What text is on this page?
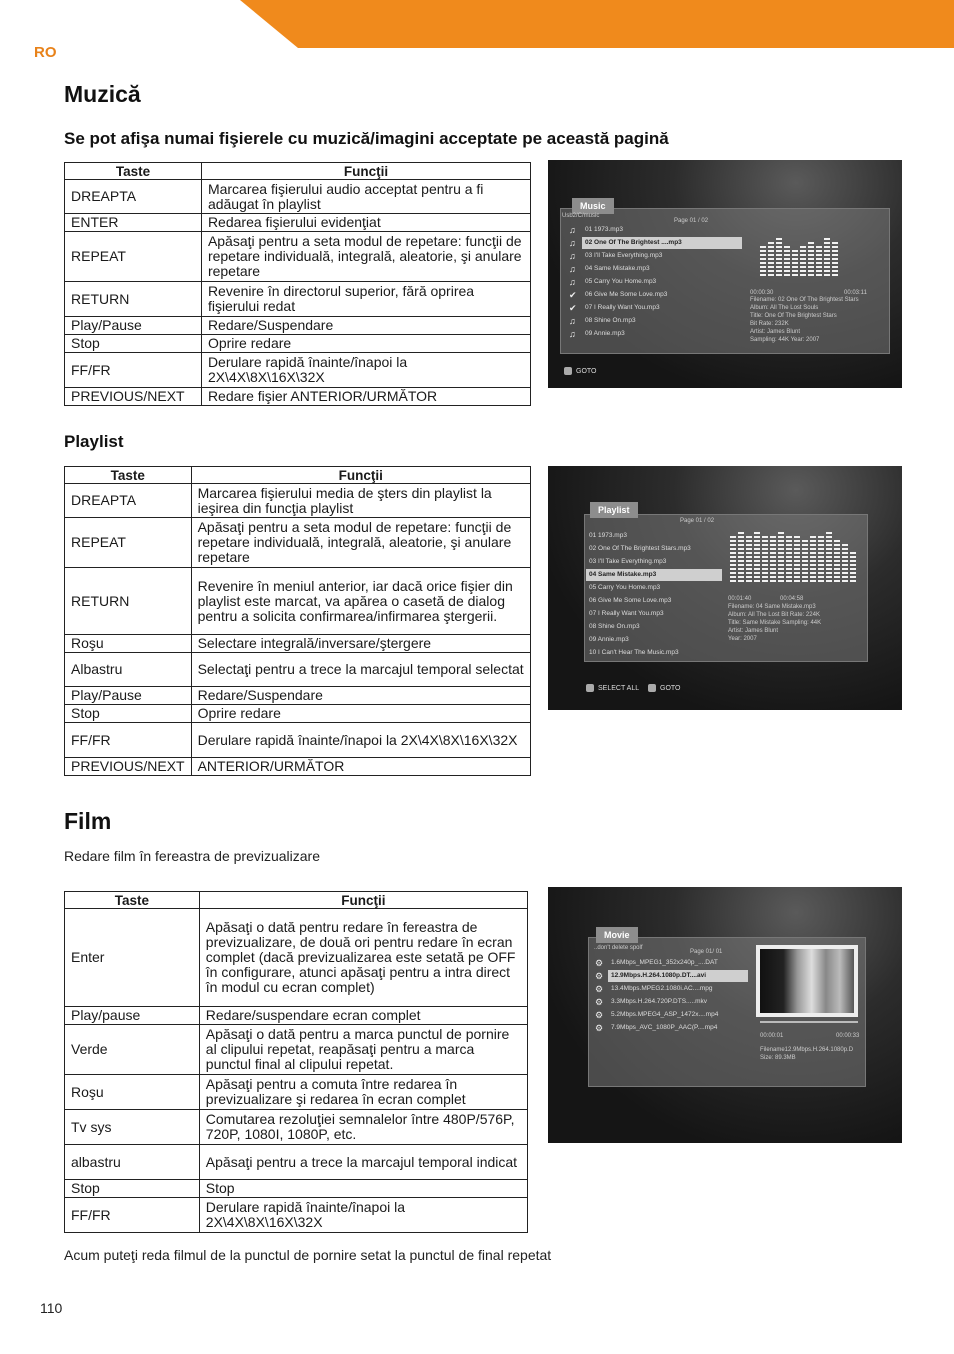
RO
Muzică
Se pot afişa numai fişierele cu muzică/imagini acceptate pe această pagină
Taste	Funcţii
DREAPTA	Marcarea fişierului audio acceptat pentru a fi adăugat în playlist
ENTER	Redarea fişierului evidenţiat
REPEAT	Apăsaţi pentru a seta modul de repetare: funcţii de repetare individuală, integrală, aleatorie, şi anulare repetare
RETURN	Revenire în directorul superior, fără oprirea fişierului redat
Play/Pause	Redare/Suspendare
Stop	Oprire redare
FF/FR	Derulare rapidă înainte/înapoi la 2X\4X\8X\16X\32X
PREVIOUS/NEXT	Redare fişier ANTERIOR/URMĂTOR
Music
Usb2/C/music
Page 01 / 02
♫	01 1973.mp3
♫	02 One Of The Brightest ....mp3
♫	03 I'll Take Everything.mp3
♫	04 Same Mistake.mp3
♫	05 Carry You Home.mp3
✔	06 Give Me Some Love.mp3
✔	07 I Really Want You.mp3
♫	08 Shine On.mp3
♫	09 Annie.mp3
00:00:30	00:03:11
Filename: 02 One Of The Brightest Stars
Album: All The Lost Souls
Title: One Of The Brightest Stars
Bit Rate: 232K
Artist: James Blunt
Sampling: 44K Year: 2007
GOTO
Playlist
Taste	Funcţii
DREAPTA	Marcarea fişierului media de şters din playlist la ieşirea din funcţia playlist
REPEAT	Apăsaţi pentru a seta modul de repetare: funcţii de repetare individuală, integrală, aleatorie, şi anulare repetare
RETURN	Revenire în meniul anterior, iar dacă orice fişier din playlist este marcat, va apărea o casetă de dialog pentru a solicita confirmarea/infirmarea ştergerii.
Roşu	Selectare integrală/inversare/ştergere
Albastru	Selectaţi pentru a trece la marcajul temporal selectat
Play/Pause	Redare/Suspendare
Stop	Oprire redare
FF/FR	Derulare rapidă înainte/înapoi la 2X\4X\8X\16X\32X
PREVIOUS/NEXT	ANTERIOR/URMĂTOR
Playlist
Page 01 / 02
01 1973.mp3
02 One Of The Brightest Stars.mp3
03 I'll Take Everything.mp3
04 Same Mistake.mp3
05 Carry You Home.mp3
06 Give Me Some Love.mp3
07 I Really Want You.mp3
08 Shine On.mp3
09 Annie.mp3
10 I Can't Hear The Music.mp3
00:01:40	00:04:58
Filename: 04 Same Mistake.mp3
Album: All The Lost Bit Rate: 224K
Title: Same Mistake Sampling: 44K
Artist: James Blunt
Year: 2007
SELECT ALL	GOTO
Film

Redare film în fereastra de previzualizare

Taste	Funcţii
Enter	Apăsaţi o dată pentru redare în fereastra de previzualizare, de două ori pentru redare în ecran complet (dacă previzualizarea este setată pe OFF în configurare, atunci apăsaţi pentru a intra direct în modul cu ecran complet)
Play/pause	Redare/suspendare ecran complet
Verde	Apăsaţi o dată pentru a marca punctul de pornire al clipului repetat, reapăsaţi pentru a marca punctul final al clipului repetat.
Roşu	Apăsaţi pentru a comuta între redarea în previzualizare şi redarea în ecran complet
Tv sys	Comutarea rezoluţiei semnalelor între 480P/576P, 720P, 1080I, 1080P, etc.
albastru	Apăsaţi pentru a trece la marcajul temporal indicat
Stop	Stop
FF/FR	Derulare rapidă înainte/înapoi la 2X\4X\8X\16X\32X
Movie
..don't delete spolf
Page 01/ 01
⚙	1.6Mbps_MPEG1_352x240p_....DAT
⚙	12.9Mbps.H.264.1080p.DT....avi
⚙	13.4Mbps.MPEG2.1080i.AC....mpg
⚙	3.3Mbps.H.264.720P.DTS.....mkv
⚙	5.2Mbps.MPEG4_ASP_1472x....mp4
⚙	7.9Mbps_AVC_1080P_AAC(P....mp4
00:00:01	00:00:33
Filename12.9Mbps.H.264.1080p.D
Size: 89.3MB

Acum puteţi reda filmul de la punctul de pornire setat la punctul de final repetat

110
